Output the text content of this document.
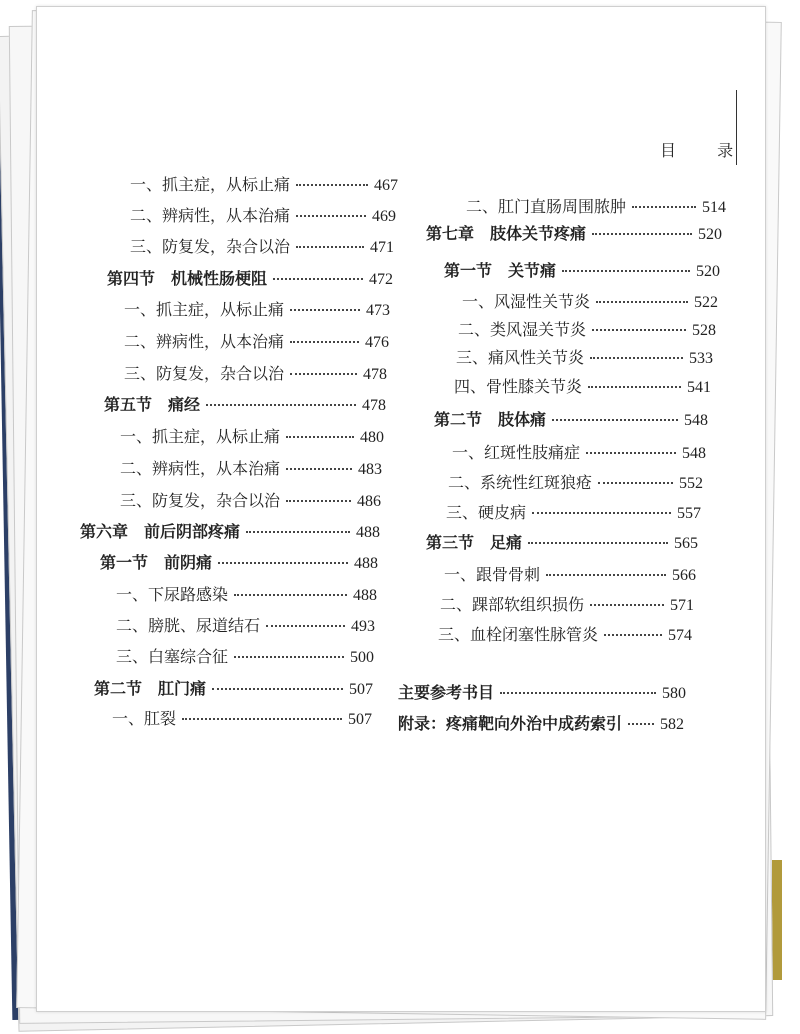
目 录
一、抓主症，从标止痛	467
二、辨病性，从本治痛	469
三、防复发，杂合以治	471
第四节　机械性肠梗阻	472
一、抓主症，从标止痛	473
二、辨病性，从本治痛	476
三、防复发，杂合以治	478
第五节　痛经	478
一、抓主症，从标止痛	480
二、辨病性，从本治痛	483
三、防复发，杂合以治	486
第六章　前后阴部疼痛	488
第一节　前阴痛	488
一、下尿路感染	488
二、膀胱、尿道结石	493
三、白塞综合征	500
第二节　肛门痛	507
一、肛裂	507
二、肛门直肠周围脓肿	514
第七章　肢体关节疼痛	520
第一节　关节痛	520
一、风湿性关节炎	522
二、类风湿关节炎	528
三、痛风性关节炎	533
四、骨性膝关节炎	541
第二节　肢体痛	548
一、红斑性肢痛症	548
二、系统性红斑狼疮	552
三、硬皮病	557
第三节　足痛	565
一、跟骨骨刺	566
二、踝部软组织损伤	571
三、血栓闭塞性脉管炎	574
主要参考书目	580
附录：疼痛靶向外治中成药索引 582
